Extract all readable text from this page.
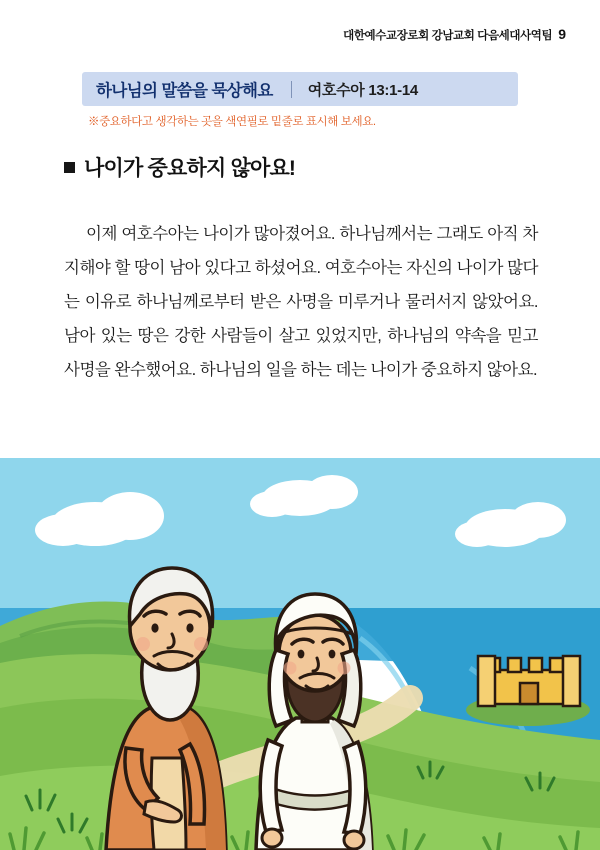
대한예수교장로회 강남교회 다음세대사역팀 9
하나님의 말씀을 묵상해요 여호수아 13:1-14
※중요하다고 생각하는 곳을 색연필로 밑줄로 표시해 보세요.
나이가 중요하지 않아요!

이제 여호수아는 나이가 많아졌어요. 하나님께서는 그래도 아직 차지해야 할 땅이 남아 있다고 하셨어요. 여호수아는 자신의 나이가 많다는 이유로 하나님께로부터 받은 사명을 미루거나 물러서지 않았어요. 남아 있는 땅은 강한 사람들이 살고 있었지만, 하나님의 약속을 믿고 사명을 완수했어요. 하나님의 일을 하는 데는 나이가 중요하지 않아요.
